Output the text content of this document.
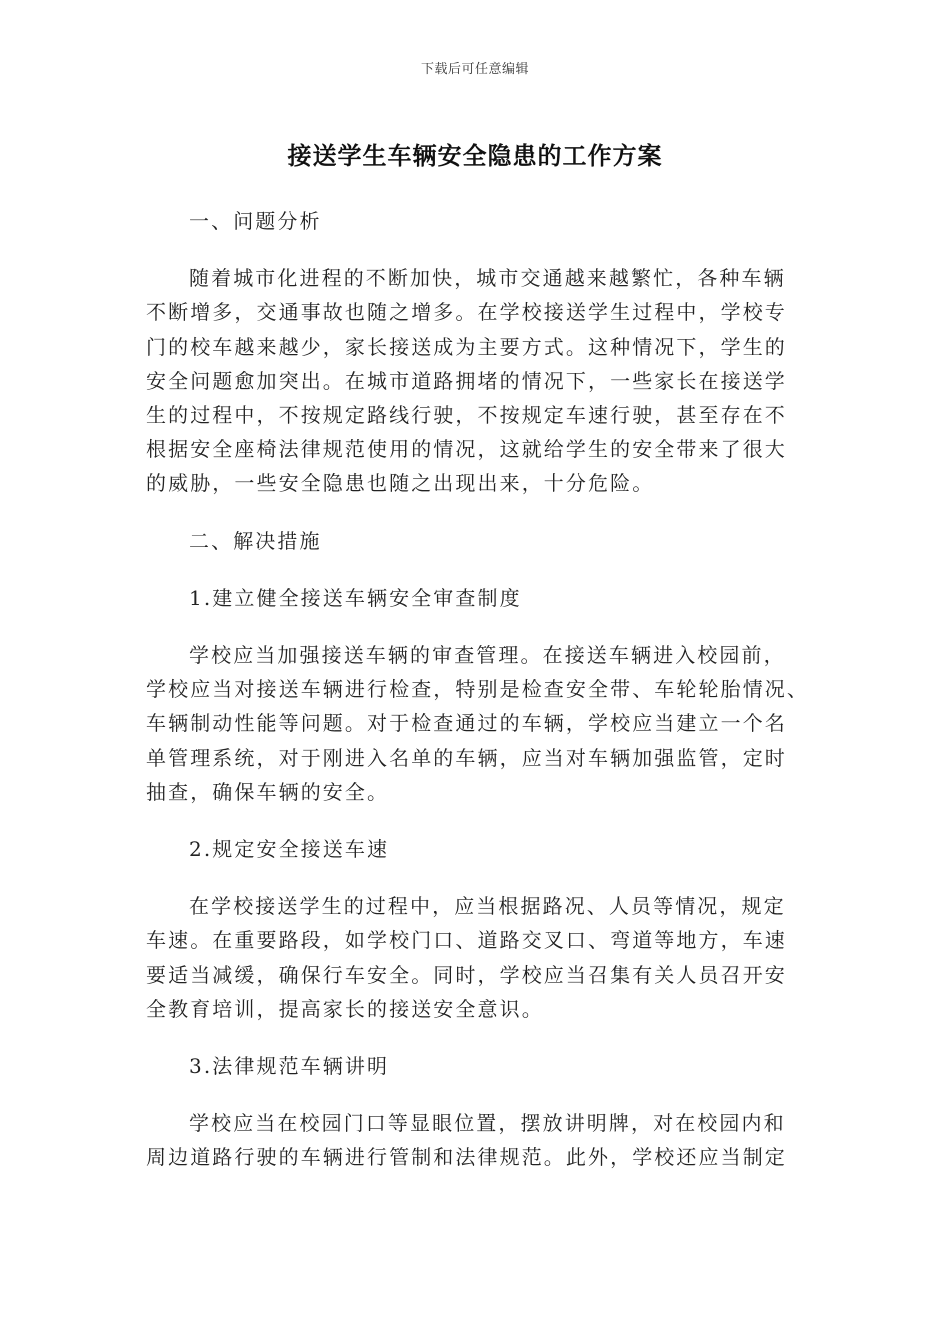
下载后可任意编辑
接送学生车辆安全隐患的工作方案
一、问题分析
随着城市化进程的不断加快，城市交通越来越繁忙，各种车辆
不断增多，交通事故也随之增多。在学校接送学生过程中，学校专
门的校车越来越少，家长接送成为主要方式。这种情况下，学生的
安全问题愈加突出。在城市道路拥堵的情况下，一些家长在接送学
生的过程中，不按规定路线行驶，不按规定车速行驶，甚至存在不
根据安全座椅法律规范使用的情况，这就给学生的安全带来了很大
的威胁，一些安全隐患也随之出现出来，十分危险。
二、解决措施
1.建立健全接送车辆安全审查制度
学校应当加强接送车辆的审查管理。在接送车辆进入校园前，
学校应当对接送车辆进行检查，特别是检查安全带、车轮轮胎情况、
车辆制动性能等问题。对于检查通过的车辆，学校应当建立一个名
单管理系统，对于刚进入名单的车辆，应当对车辆加强监管，定时
抽查，确保车辆的安全。
2.规定安全接送车速
在学校接送学生的过程中，应当根据路况、人员等情况，规定
车速。在重要路段，如学校门口、道路交叉口、弯道等地方，车速
要适当减缓，确保行车安全。同时，学校应当召集有关人员召开安
全教育培训，提高家长的接送安全意识。
3.法律规范车辆讲明
学校应当在校园门口等显眼位置，摆放讲明牌，对在校园内和
周边道路行驶的车辆进行管制和法律规范。此外，学校还应当制定
